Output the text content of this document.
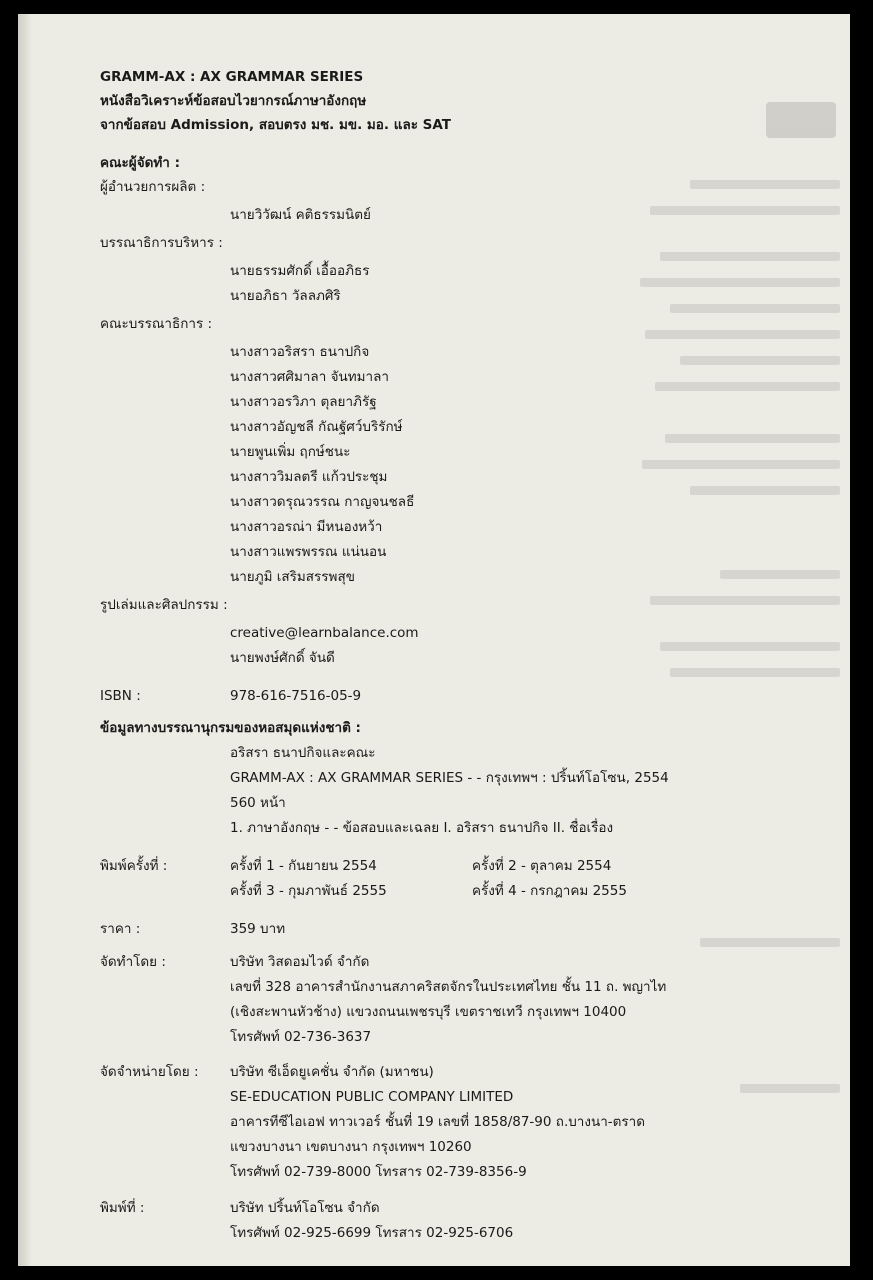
GRAMM-AX : AX GRAMMAR SERIES
หนังสือวิเคราะห์ข้อสอบไวยากรณ์ภาษาอังกฤษ
จากข้อสอบ Admission, สอบตรง มช. มข. มอ. และ SAT
คณะผู้จัดทำ :
ผู้อำนวยการผลิต :
นายวิวัฒน์ คติธรรมนิตย์
บรรณาธิการบริหาร :
นายธรรมศักดิ์ เอื้ออภิธร
นายอภิธา วัลลภศิริ
คณะบรรณาธิการ :
นางสาวอริสรา ธนาปกิจ
นางสาวศศิมาลา จันทมาลา
นางสาวอรวิภา ตุลยาภิรัฐ
นางสาวอัญชลี กัณฐัศว์บริรักษ์
นายพูนเพิ่ม ฤกษ์ชนะ
นางสาววิมลตรี แก้วประชุม
นางสาวดรุณวรรณ กาญจนชลธี
นางสาวอรณ่า มีหนองหว้า
นางสาวแพรพรรณ แน่นอน
นายภูมิ เสริมสรรพสุข
รูปเล่มและศิลปกรรม :
creative@learnbalance.com
นายพงษ์ศักดิ์ จันดี
ISBN :	978-616-7516-05-9
ข้อมูลทางบรรณานุกรมของหอสมุดแห่งชาติ :
อริสรา ธนาปกิจและคณะ
GRAMM-AX : AX GRAMMAR SERIES - - กรุงเทพฯ : ปริ้นท์โอโซน, 2554
560 หน้า
1. ภาษาอังกฤษ - - ข้อสอบและเฉลย I. อริสรา ธนาปกิจ II. ชื่อเรื่อง
พิมพ์ครั้งที่ :	ครั้งที่ 1 - กันยายน 2554	ครั้งที่ 2 - ตุลาคม 2554
ครั้งที่ 3 - กุมภาพันธ์ 2555	ครั้งที่ 4 - กรกฎาคม 2555
ราคา :	359 บาท
จัดทำโดย :	บริษัท วิสดอมไวด์ จำกัด
เลขที่ 328 อาคารสำนักงานสภาคริสตจักรในประเทศไทย ชั้น 11 ถ. พญาไท
(เชิงสะพานหัวช้าง) แขวงถนนเพชรบุรี เขตราชเทวี กรุงเทพฯ 10400
โทรศัพท์ 02-736-3637
จัดจำหน่ายโดย : บริษัท ซีเอ็ดยูเคชั่น จำกัด (มหาชน)
SE-EDUCATION PUBLIC COMPANY LIMITED
อาคารทีซีไอเอฟ ทาวเวอร์ ชั้นที่ 19 เลขที่ 1858/87-90 ถ.บางนา-ตราด
แขวงบางนา เขตบางนา กรุงเทพฯ 10260
โทรศัพท์ 02-739-8000 โทรสาร 02-739-8356-9
พิมพ์ที่ :	บริษัท ปริ้นท์โอโซน จำกัด
โทรศัพท์ 02-925-6699 โทรสาร 02-925-6706
